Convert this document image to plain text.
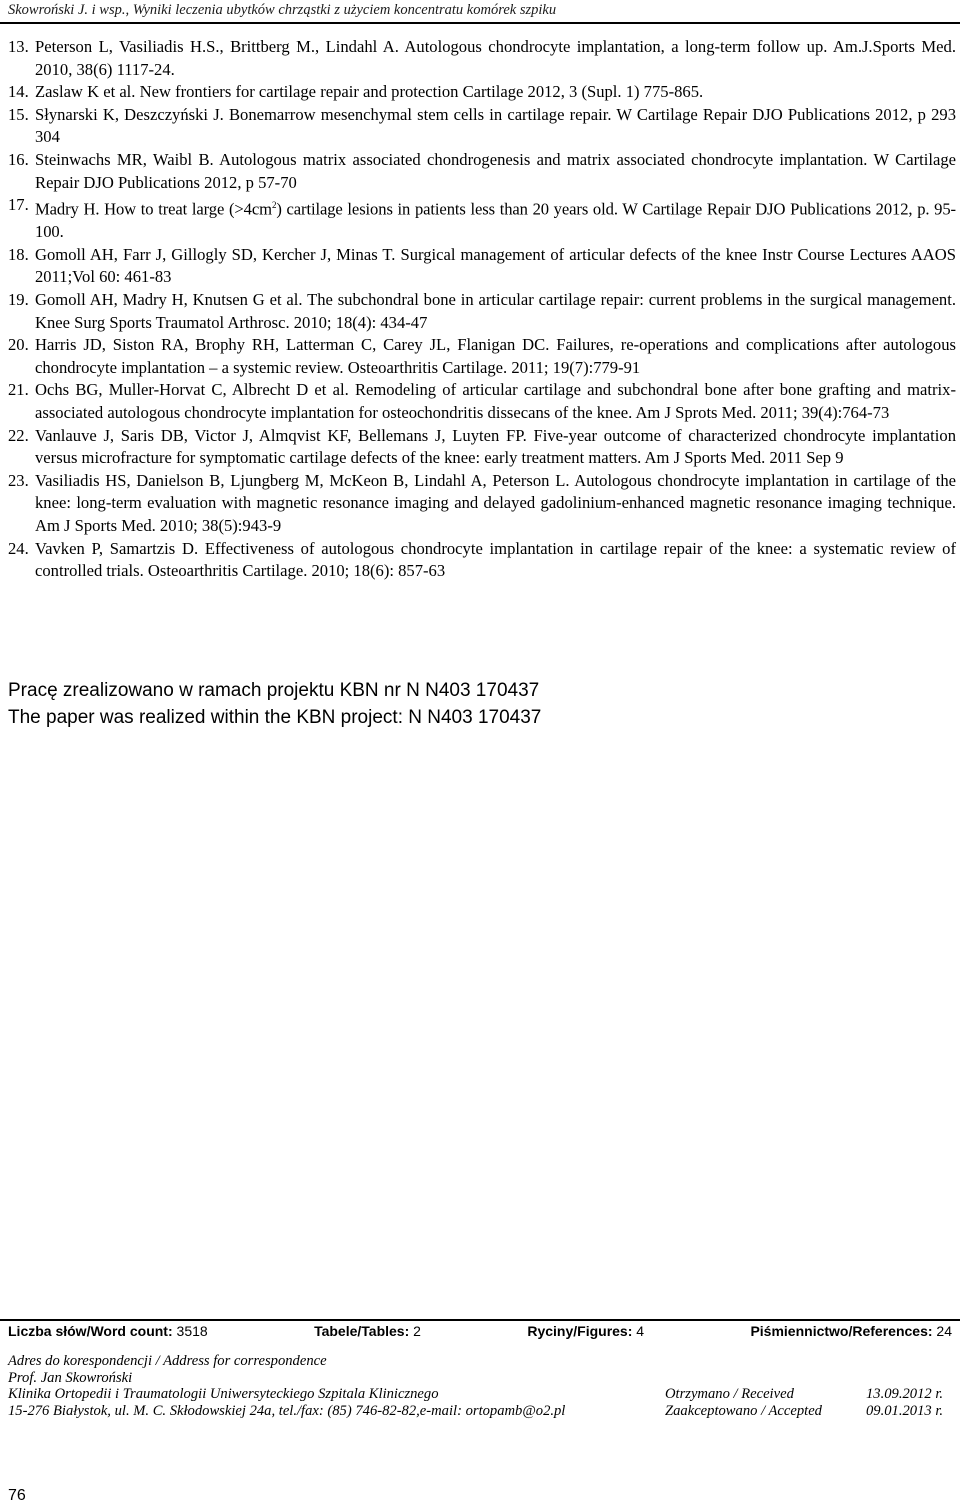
Skowroński J. i wsp., Wyniki leczenia ubytków chrząstki z użyciem koncentratu komórek szpiku
13. Peterson L, Vasiliadis H.S., Brittberg M., Lindahl A. Autologous chondrocyte implantation, a long-term follow up. Am.J.Sports Med. 2010, 38(6) 1117-24.
14. Zaslaw K et al. New frontiers for cartilage repair and protection Cartilage 2012, 3 (Supl. 1) 775-865.
15. Słynarski K, Deszczyński J. Bonemarrow mesenchymal stem cells in cartilage repair. W Cartilage Repair DJO Publications 2012, p 293 304
16. Steinwachs MR, Waibl B. Autologous matrix associated chondrogenesis and matrix associated chondrocyte implantation. W Cartilage Repair DJO Publications 2012, p 57-70
17. Madry H. How to treat large $(>4cm^2)$ cartilage lesions in patients less than 20 years old. W Cartilage Repair DJO Publications 2012, p. 95-100.
18. Gomoll AH, Farr J, Gillogly SD, Kercher J, Minas T. Surgical management of articular defects of the knee Instr Course Lectures AAOS 2011;Vol 60: 461-83
19. Gomoll AH, Madry H, Knutsen G et al. The subchondral bone in articular cartilage repair: current problems in the surgical management. Knee Surg Sports Traumatol Arthrosc. 2010; 18(4): 434-47
20. Harris JD, Siston RA, Brophy RH, Latterman C, Carey JL, Flanigan DC. Failures, re-operations and complications after autologous chondrocyte implantation – a systemic review. Osteoarthritis Cartilage. 2011; 19(7):779-91
21. Ochs BG, Muller-Horvat C, Albrecht D et al. Remodeling of articular cartilage and subchondral bone after bone grafting and matrix-associated autologous chondrocyte implantation for osteochondritis dissecans of the knee. Am J Sprots Med. 2011; 39(4):764-73
22. Vanlauve J, Saris DB, Victor J, Almqvist KF, Bellemans J, Luyten FP. Five-year outcome of characterized chondrocyte implantation versus microfracture for symptomatic cartilage defects of the knee: early treatment matters. Am J Sports Med. 2011 Sep 9
23. Vasiliadis HS, Danielson B, Ljungberg M, McKeon B, Lindahl A, Peterson L. Autologous chondrocyte implantation in cartilage of the knee: long-term evaluation with magnetic resonance imaging and delayed gadolinium-enhanced magnetic resonance imaging technique. Am J Sports Med. 2010; 38(5):943-9
24. Vavken P, Samartzis D. Effectiveness of autologous chondrocyte implantation in cartilage repair of the knee: a systematic review of controlled trials. Osteoarthritis Cartilage. 2010; 18(6): 857-63
Pracę zrealizowano w ramach projektu KBN nr N N403 170437
The paper was realized within the KBN project: N N403 170437
Liczba słów/Word count: 3518	Tabele/Tables: 2	Ryciny/Figures: 4	Piśmiennictwo/References: 24
Adres do korespondencji / Address for correspondence
Prof. Jan Skowroński
Klinika Ortopedii i Traumatologii Uniwersyteckiego Szpitala Klinicznego	Otrzymano / Received	13.09.2012 r.
15-276 Białystok, ul. M. C. Skłodowskiej 24a, tel./fax: (85) 746-82-82,e-mail: ortopamb@o2.pl	Zaakceptowano / Accepted	09.01.2013 r.
76
